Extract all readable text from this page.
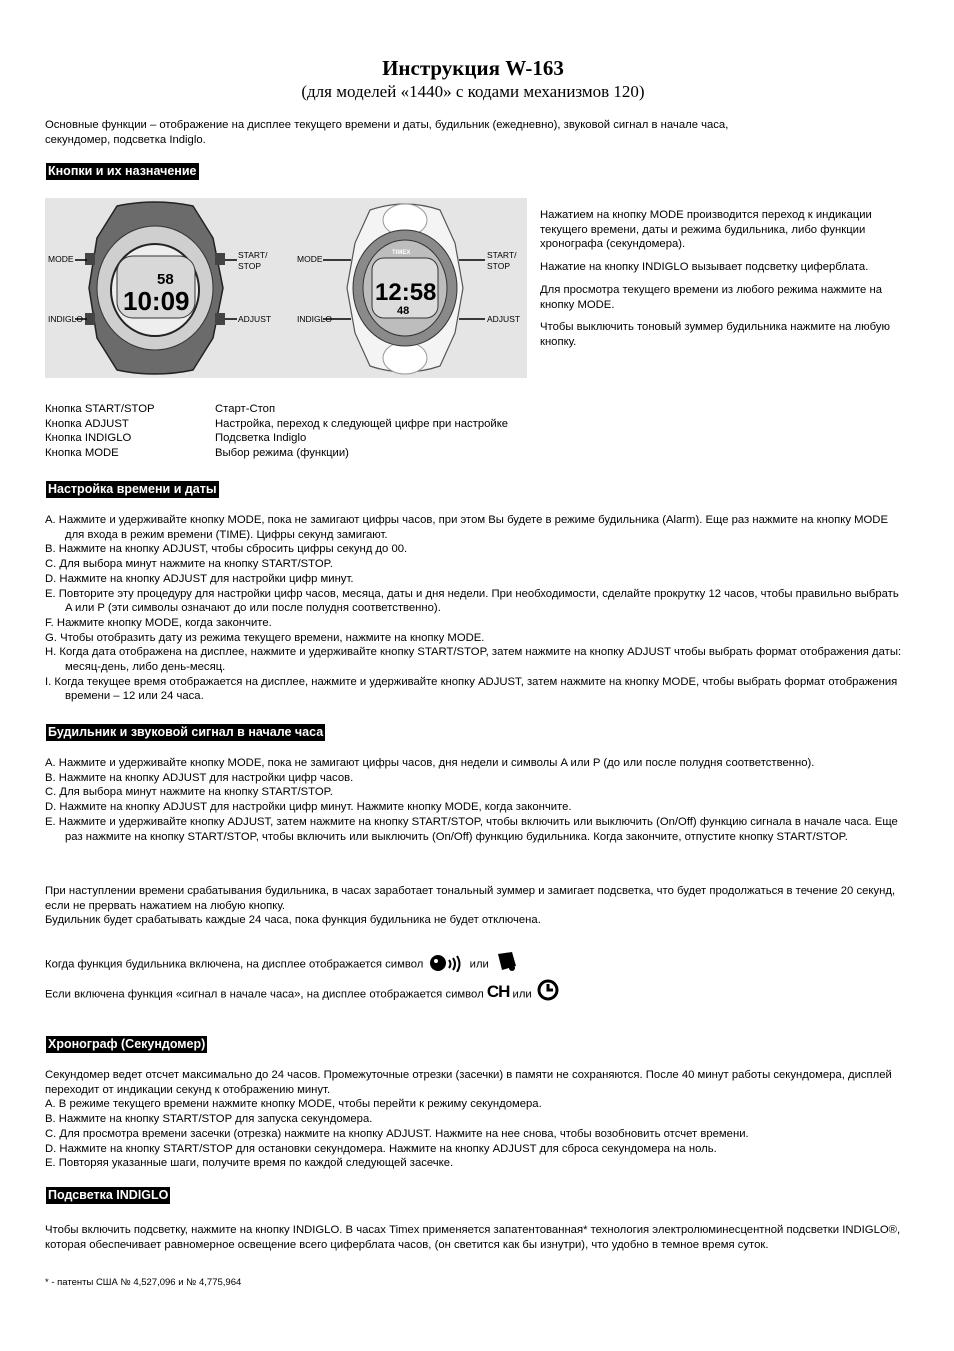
Инструкция W-163
(для моделей «1440» с кодами механизмов 120)
Основные функции – отображение на дисплее текущего времени и даты, будильник (ежедневно), звуковой сигнал в начале часа,
секундомер, подсветка Indiglo.
Кнопки и их назначение
58
10:09
MODE
INDIGLO
START/
STOP
ADJUST
TIMEX
12:58
48
MODE
INDIGLO
START/
STOP
ADJUST
Нажатием на кнопку MODE производится переход к индикации текущего времени, даты и режима будильника, либо функции хронографа (секундомера).
Нажатие на кнопку INDIGLO вызывает подсветку циферблата.
Для просмотра текущего времени из любого режима нажмите на кнопку MODE.
Чтобы выключить тоновый зуммер будильника нажмите на любую кнопку.
Кнопка START/STOP	Старт-Стоп
Кнопка ADJUST	Настройка, переход к следующей цифре при настройке
Кнопка INDIGLO	Подсветка Indiglo
Кнопка MODE	Выбор режима (функции)
Настройка времени и даты
A. Нажмите и удерживайте кнопку MODE, пока не замигают цифры часов, при этом Вы будете в режиме будильника (Alarm). Еще раз нажмите на кнопку MODE для входа в режим времени (TIME). Цифры секунд замигают.
B. Нажмите на кнопку ADJUST, чтобы сбросить цифры секунд до 00.
C. Для выбора минут нажмите на кнопку START/STOP.
D. Нажмите на кнопку ADJUST для настройки цифр минут.
E. Повторите эту процедуру для настройки цифр часов, месяца, даты и дня недели. При необходимости, сделайте прокрутку 12 часов, чтобы правильно выбрать A или P (эти символы означают до или после полудня соответственно).
F. Нажмите кнопку MODE, когда закончите.
G. Чтобы отобразить дату из режима текущего времени, нажмите на кнопку MODE.
H. Когда дата отображена на дисплее, нажмите и удерживайте кнопку START/STOP, затем нажмите на кнопку ADJUST чтобы выбрать формат отображения даты: месяц-день, либо день-месяц.
I. Когда текущее время отображается на дисплее, нажмите и удерживайте кнопку ADJUST, затем нажмите на кнопку MODE, чтобы выбрать формат отображения времени – 12 или 24 часа.
Будильник и звуковой сигнал в начале часа
A. Нажмите и удерживайте кнопку MODE, пока не замигают цифры часов, дня недели и символы A или P (до или после полудня соответственно).
B. Нажмите на кнопку ADJUST для настройки цифр часов.
C. Для выбора минут нажмите на кнопку START/STOP.
D. Нажмите на кнопку ADJUST для настройки цифр минут. Нажмите кнопку MODE, когда закончите.
E. Нажмите и удерживайте кнопку ADJUST, затем нажмите на кнопку START/STOP, чтобы включить или выключить (On/Off) функцию сигнала в начале часа. Еще раз нажмите на кнопку START/STOP, чтобы включить или выключить (On/Off) функцию будильника. Когда закончите, отпустите кнопку START/STOP.
При наступлении времени срабатывания будильника, в часах заработает тональный зуммер и замигает подсветка, что будет продолжаться в течение 20 секунд, если не прервать нажатием на любую кнопку.
Будильник будет срабатывать каждые 24 часа, пока функция будильника не будет отключена.
Когда функция будильника включена, на дисплее отображается символ	или
Если включена функция «сигнал в начале часа», на дисплее отображается символ CH или
Хронограф (Секундомер)
Секундомер ведет отсчет максимально до 24 часов. Промежуточные отрезки (засечки) в памяти не сохраняются. После 40 минут работы секундомера, дисплей переходит от индикации секунд к отображению минут.
A. В режиме текущего времени нажмите кнопку MODE, чтобы перейти к режиму секундомера.
B. Нажмите на кнопку START/STOP для запуска секундомера.
C. Для просмотра времени засечки (отрезка) нажмите на кнопку ADJUST. Нажмите на нее снова, чтобы возобновить отсчет времени.
D. Нажмите на кнопку START/STOP для остановки секундомера. Нажмите на кнопку ADJUST для сброса секундомера на ноль.
E. Повторяя указанные шаги, получите время по каждой следующей засечке.
Подсветка INDIGLO
Чтобы включить подсветку, нажмите на кнопку INDIGLO. В часах Timex применяется запатентованная* технология электролюминесцентной подсветки INDIGLO®, которая обеспечивает равномерное освещение всего циферблата часов, (он светится как бы изнутри), что удобно в темное время суток.
* - патенты США № 4,527,096 и № 4,775,964
